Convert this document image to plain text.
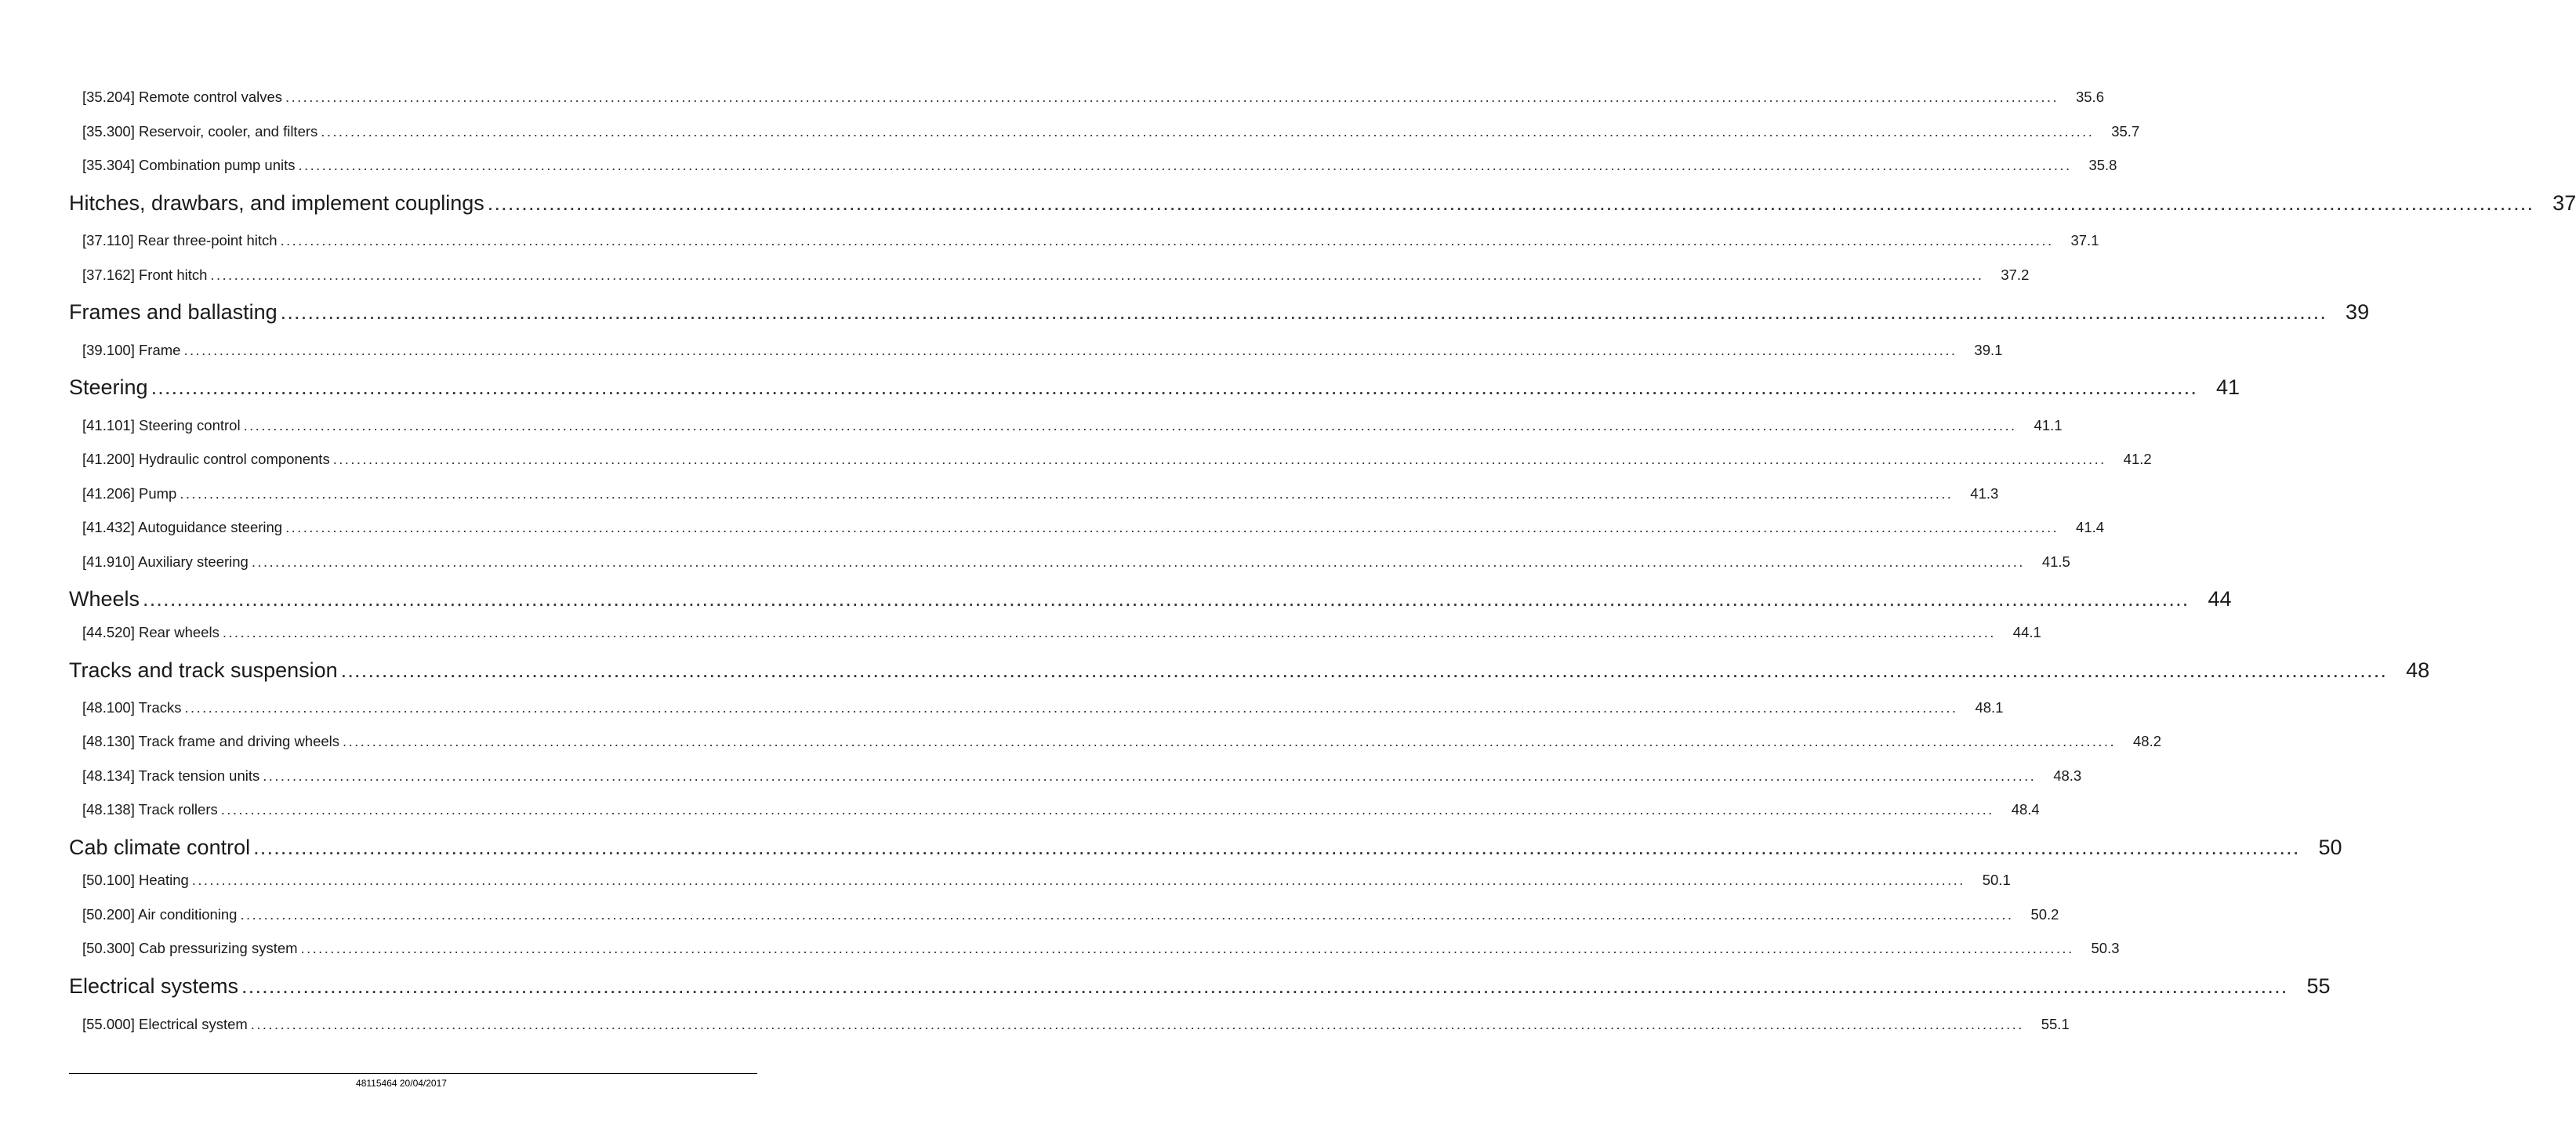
[35.204] Remote control valves ............................................................................................................................................................................................................................................................................................................	35.6
[35.300] Reservoir, cooler, and filters ............................................................................................................................................................................................................................................................................................................	35.7
[35.304] Combination pump units ............................................................................................................................................................................................................................................................................................................	35.8
Hitches, drawbars, and implement couplings ............................................................................................................................................................................................................................................................................................................ 37
[37.110] Rear three-point hitch ............................................................................................................................................................................................................................................................................................................	37.1
[37.162] Front hitch ............................................................................................................................................................................................................................................................................................................	37.2
Frames and ballasting ............................................................................................................................................................................................................................................................................................................ 39
[39.100] Frame ............................................................................................................................................................................................................................................................................................................	39.1
Steering ............................................................................................................................................................................................................................................................................................................ 41
[41.101] Steering control ............................................................................................................................................................................................................................................................................................................	41.1
[41.200] Hydraulic control components ............................................................................................................................................................................................................................................................................................................	41.2
[41.206] Pump ............................................................................................................................................................................................................................................................................................................	41.3
[41.432] Autoguidance steering ............................................................................................................................................................................................................................................................................................................	41.4
[41.910] Auxiliary steering ............................................................................................................................................................................................................................................................................................................	41.5
Wheels ............................................................................................................................................................................................................................................................................................................ 44
[44.520] Rear wheels ............................................................................................................................................................................................................................................................................................................	44.1
Tracks and track suspension ............................................................................................................................................................................................................................................................................................................ 48
[48.100] Tracks ............................................................................................................................................................................................................................................................................................................	48.1
[48.130] Track frame and driving wheels ............................................................................................................................................................................................................................................................................................................	48.2
[48.134] Track tension units ............................................................................................................................................................................................................................................................................................................	48.3
[48.138] Track rollers ............................................................................................................................................................................................................................................................................................................	48.4
Cab climate control ............................................................................................................................................................................................................................................................................................................ 50
[50.100] Heating ............................................................................................................................................................................................................................................................................................................	50.1
[50.200] Air conditioning ............................................................................................................................................................................................................................................................................................................	50.2
[50.300] Cab pressurizing system ............................................................................................................................................................................................................................................................................................................	50.3
Electrical systems ............................................................................................................................................................................................................................................................................................................ 55
[55.000] Electrical system ............................................................................................................................................................................................................................................................................................................	55.1
48115464 20/04/2017
